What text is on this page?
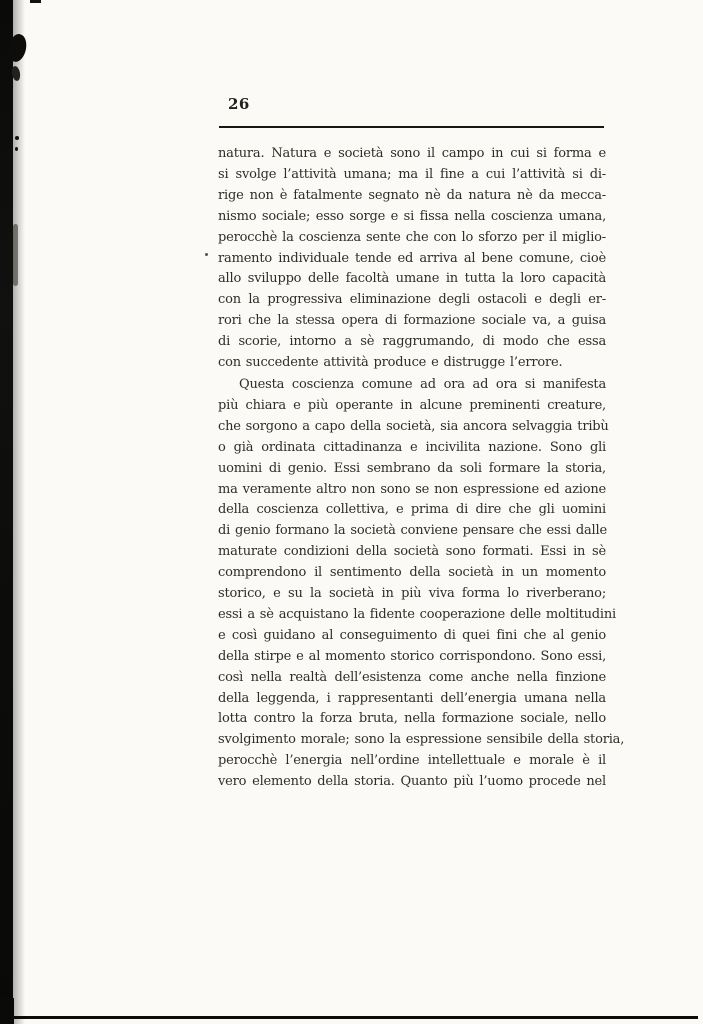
26
natura. Natura e società sono il campo in cui si forma e
si svolge l’attività umana; ma il fine a cui l’attività si di-
rige non è fatalmente segnato nè da natura nè da mecca-
nismo sociale; esso sorge e si fissa nella coscienza umana,
perocchè la coscienza sente che con lo sforzo per il miglio-
ramento individuale tende ed arriva al bene comune, cioè
allo sviluppo delle facoltà umane in tutta la loro capacità
con la progressiva eliminazione degli ostacoli e degli er-
rori che la stessa opera di formazione sociale va, a guisa
di scorie, intorno a sè raggrumando, di modo che essa
con succedente attività produce e distrugge l’errore.
Questa coscienza comune ad ora ad ora si manifesta
più chiara e più operante in alcune preminenti creature,
che sorgono a capo della società, sia ancora selvaggia tribù
o già ordinata cittadinanza e incivilita nazione. Sono gli
uomini di genio. Essi sembrano da soli formare la storia,
ma veramente altro non sono se non espressione ed azione
della coscienza collettiva, e prima di dire che gli uomini
di genio formano la società conviene pensare che essi dalle
maturate condizioni della società sono formati. Essi in sè
comprendono il sentimento della società in un momento
storico, e su la società in più viva forma lo riverberano;
essi a sè acquistano la fidente cooperazione delle moltitudini
e così guidano al conseguimento di quei fini che al genio
della stirpe e al momento storico corrispondono. Sono essi,
così nella realtà dell’esistenza come anche nella finzione
della leggenda, i rappresentanti dell’energia umana nella
lotta contro la forza bruta, nella formazione sociale, nello
svolgimento morale; sono la espressione sensibile della storia,
perocchè l’energia nell’ordine intellettuale e morale è il
vero elemento della storia. Quanto più l’uomo procede nel
